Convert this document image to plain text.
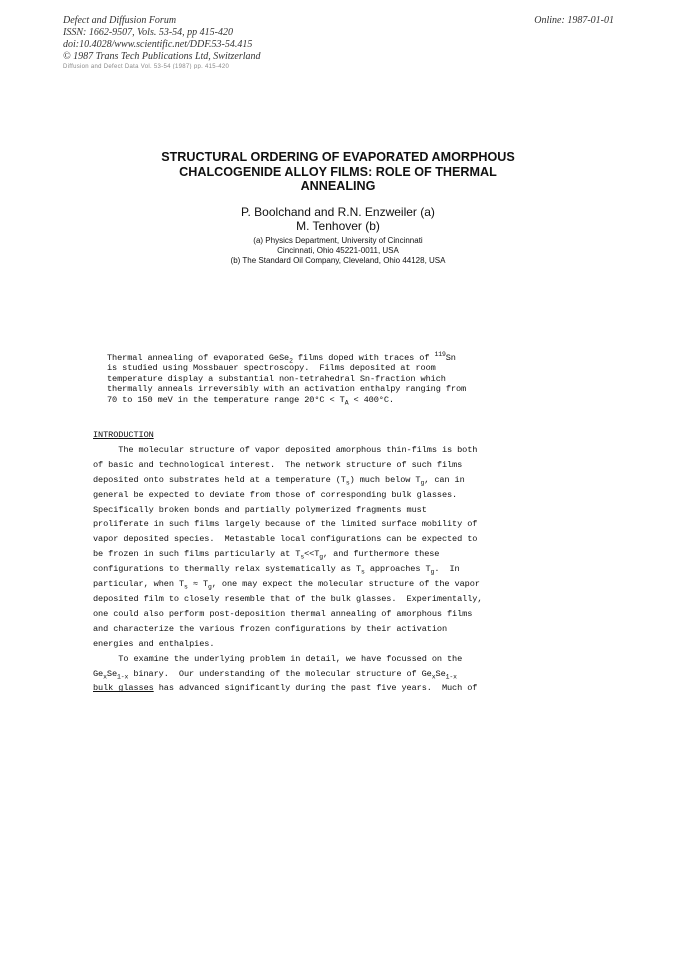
Defect and Diffusion Forum
ISSN: 1662-9507, Vols. 53-54, pp 415-420
doi:10.4028/www.scientific.net/DDF.53-54.415
© 1987 Trans Tech Publications Ltd, Switzerland
Online: 1987-01-01
Diffusion and Defect Data Vol. 53-54 (1987) pp. 415-420
STRUCTURAL ORDERING OF EVAPORATED AMORPHOUS
CHALCOGENIDE ALLOY FILMS: ROLE OF THERMAL
ANNEALING
P. Boolchand and R.N. Enzweiler (a)
M. Tenhover (b)
(a) Physics Department, University of Cincinnati
Cincinnati, Ohio 45221-0011, USA
(b) The Standard Oil Company, Cleveland, Ohio 44128, USA
Thermal annealing of evaporated GeSe$_2$ films doped with traces of $^{119}$Sn
is studied using Mossbauer spectroscopy.  Films deposited at room
temperature display a substantial non-tetrahedral Sn-fraction which
thermally anneals irreversibly with an activation enthalpy ranging from
70 to 150 meV in the temperature range $20^\circ C < T_A < 400^\circ C$.
INTRODUCTION
The molecular structure of vapor deposited amorphous thin-films is both
of basic and technological interest.  The network structure of such films
deposited onto substrates held at a temperature $(T_s)$ much below $T_g$, can in
general be expected to deviate from those of corresponding bulk glasses.
Specifically broken bonds and partially polymerized fragments must
proliferate in such films largely because of the limited surface mobility of
vapor deposited species.  Metastable local configurations can be expected to
be frozen in such films particularly at $T_s<<T_g$, and furthermore these
configurations to thermally relax systematically as $T_s$ approaches $T_g$.  In
particular, when $T_s \approx T_g$, one may expect the molecular structure of the vapor
deposited film to closely resemble that of the bulk glasses.  Experimentally,
one could also perform post-deposition thermal annealing of amorphous films
and characterize the various frozen configurations by their activation
energies and enthalpies.
To examine the underlying problem in detail, we have focussed on the
$Ge_xSe_{1-x}$ binary.  Our understanding of the molecular structure of $Ge_xSe_{1-x}$
bulk glasses has advanced significantly during the past five years.  Much of
